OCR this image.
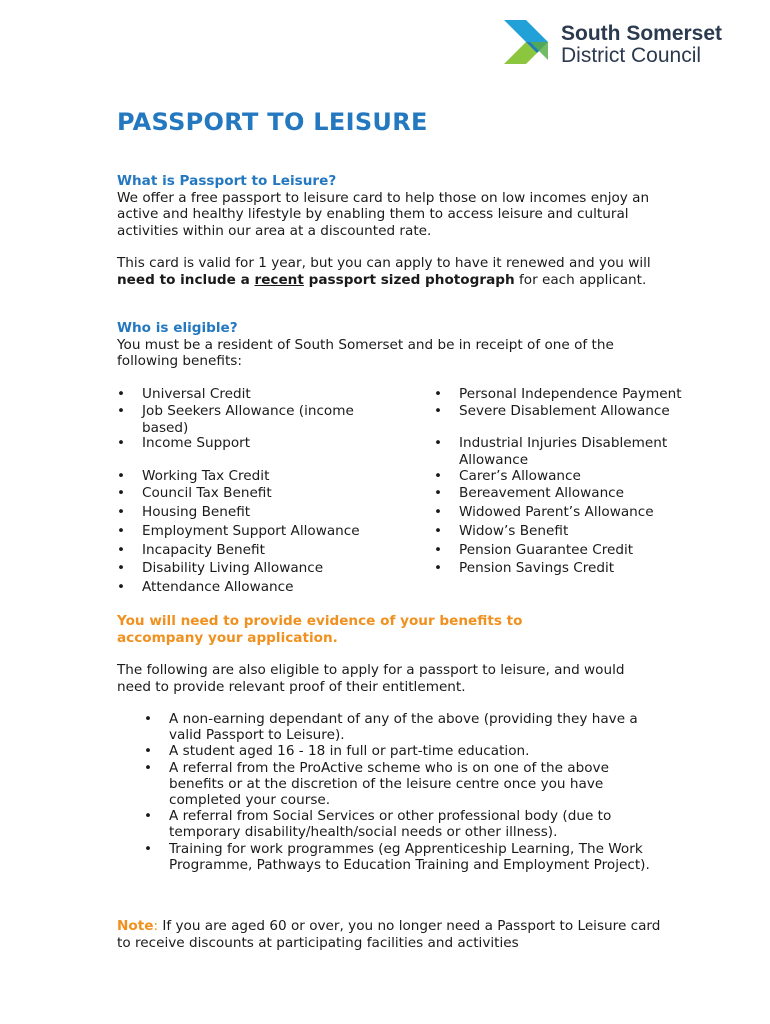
South Somerset
District Council
PASSPORT TO LEISURE
What is Passport to Leisure?
We offer a free passport to leisure card to help those on low incomes enjoy an active and healthy lifestyle by enabling them to access leisure and cultural activities within our area at a discounted rate.
This card is valid for 1 year, but you can apply to have it renewed and you will need to include a recent passport sized photograph for each applicant.
Who is eligible?
You must be a resident of South Somerset and be in receipt of one of the following benefits:
• Universal Credit
• Job Seekers Allowance (income based)
• Income Support
• Working Tax Credit
• Council Tax Benefit
• Housing Benefit
• Employment Support Allowance
• Incapacity Benefit
• Disability Living Allowance
• Attendance Allowance
• Personal Independence Payment
• Severe Disablement Allowance
• Industrial Injuries Disablement Allowance
• Carer’s Allowance
• Bereavement Allowance
• Widowed Parent’s Allowance
• Widow’s Benefit
• Pension Guarantee Credit
• Pension Savings Credit
You will need to provide evidence of your benefits to accompany your application.
The following are also eligible to apply for a passport to leisure, and would need to provide relevant proof of their entitlement.
• A non-earning dependant of any of the above (providing they have a valid Passport to Leisure).
• A student aged 16 - 18 in full or part-time education.
• A referral from the ProActive scheme who is on one of the above benefits or at the discretion of the leisure centre once you have completed your course.
• A referral from Social Services or other professional body (due to temporary disability/health/social needs or other illness).
• Training for work programmes (eg Apprenticeship Learning, The Work Programme, Pathways to Education Training and Employment Project).
Note: If you are aged 60 or over, you no longer need a Passport to Leisure card to receive discounts at participating facilities and activities
